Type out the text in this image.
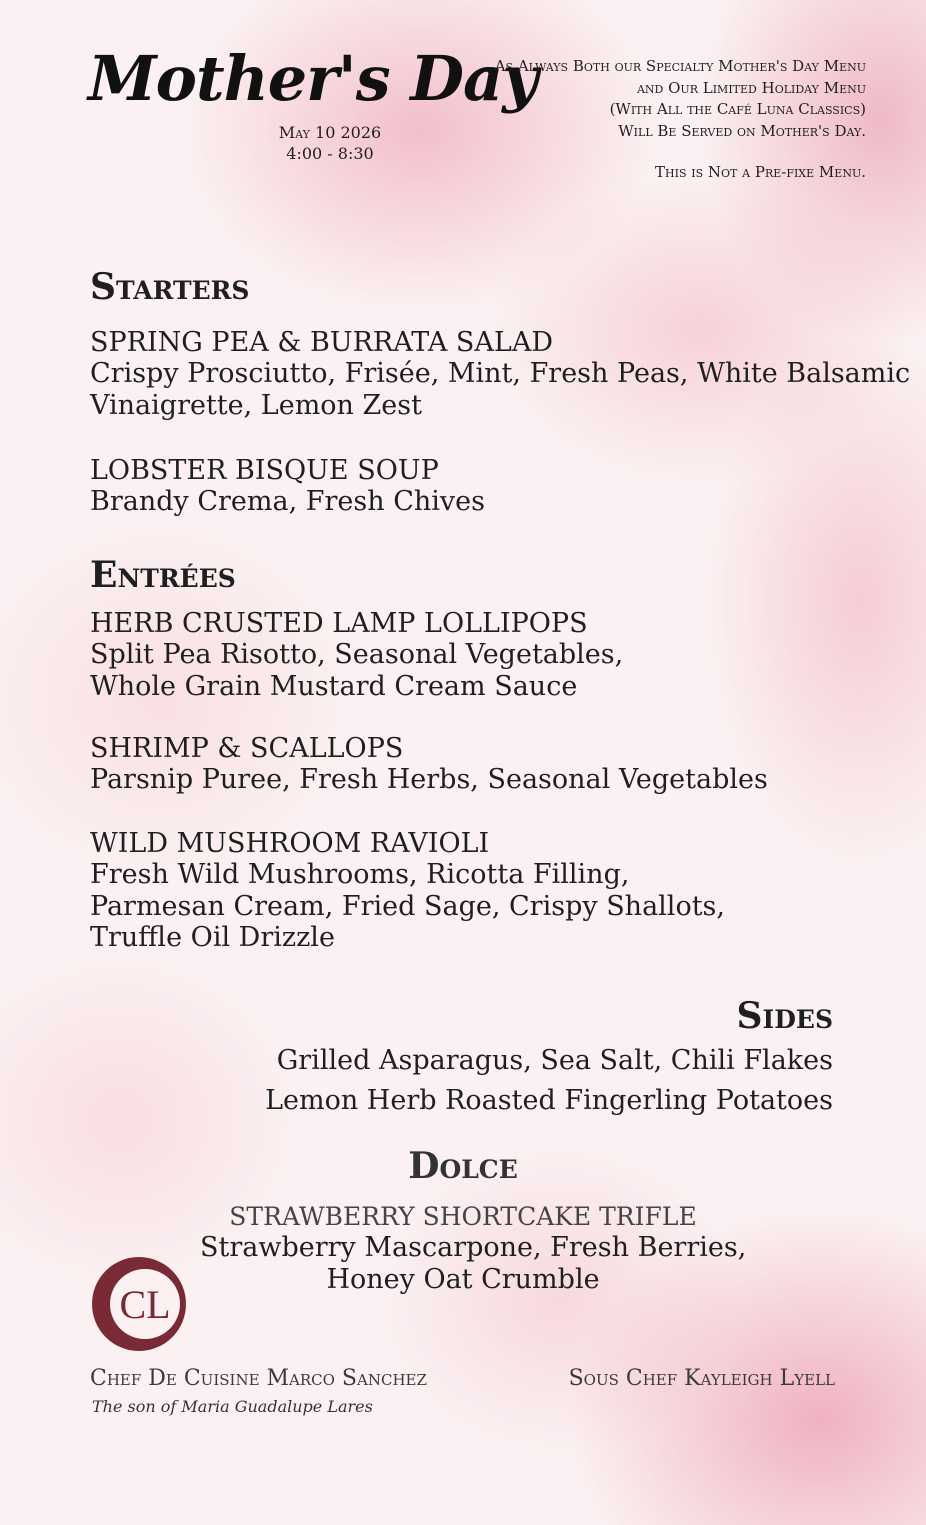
Mother's Day
May 10 2026
4:00 - 8:30
As Always Both our Specialty Mother's Day Menu
and Our Limited Holiday Menu
(With All the Café Luna Classics)
Will Be Served on Mother's Day.
This is Not a Pre-fixe Menu.
Starters
SPRING PEA & BURRATA SALAD
Crispy Prosciutto, Frisée, Mint, Fresh Peas, White Balsamic
Vinaigrette, Lemon Zest
LOBSTER BISQUE SOUP
Brandy Crema, Fresh Chives
Entrées
HERB CRUSTED LAMP LOLLIPOPS
Split Pea Risotto, Seasonal Vegetables,
Whole Grain Mustard Cream Sauce
SHRIMP & SCALLOPS
Parsnip Puree, Fresh Herbs, Seasonal Vegetables
WILD MUSHROOM RAVIOLI
Fresh Wild Mushrooms, Ricotta Filling,
Parmesan Cream, Fried Sage, Crispy Shallots,
Truffle Oil Drizzle
Sides
Grilled Asparagus, Sea Salt, Chili Flakes
Lemon Herb Roasted Fingerling Potatoes
Dolce
STRAWBERRY SHORTCAKE TRIFLE
Strawberry Mascarpone, Fresh Berries,
Honey Oat Crumble
CL
Chef De Cuisine Marco Sanchez
The son of Maria Guadalupe Lares
Sous Chef Kayleigh Lyell
